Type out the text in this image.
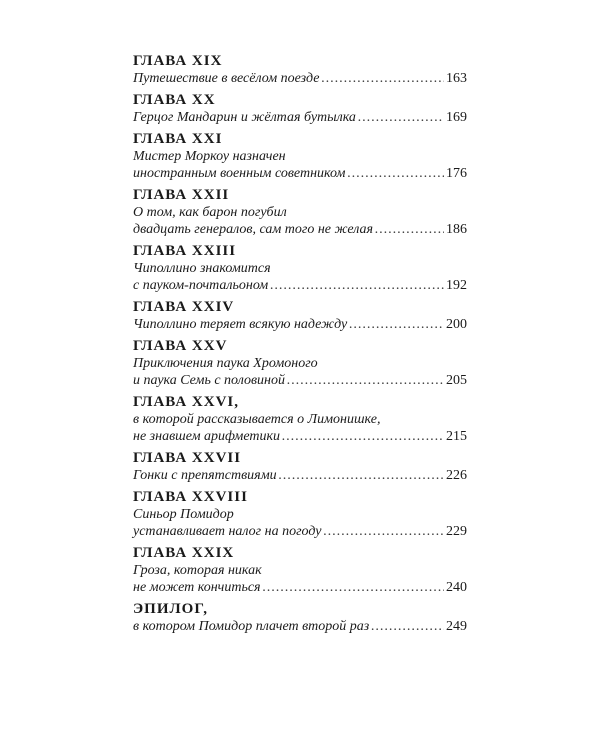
ГЛАВА XIX
Путешествие в весёлом поезде .....	163
ГЛАВА XX
Герцог Мандарин и жёлтая бутылка .....	169
ГЛАВА XXI
Мистер Моркоу назначен
иностранным военным советником .....	176
ГЛАВА XXII
О том, как барон погубил
двадцать генералов, сам того не желая .....	186
ГЛАВА XXIII
Чиполлино знакомится
с пауком-почтальоном .....	192
ГЛАВА XXIV
Чиполлино теряет всякую надежду .....	200
ГЛАВА XXV
Приключения паука Хромоного
и паука Семь с половиной .....	205
ГЛАВА XXVI,
в которой рассказывается о Лимонишке,
не знавшем арифметики .....	215
ГЛАВА XXVII
Гонки с препятствиями .....	226
ГЛАВА XXVIII
Синьор Помидор
устанавливает налог на погоду .....	229
ГЛАВА XXIX
Гроза, которая никак
не может кончиться .....	240
ЭПИЛОГ,
в котором Помидор плачет второй раз .....	249
